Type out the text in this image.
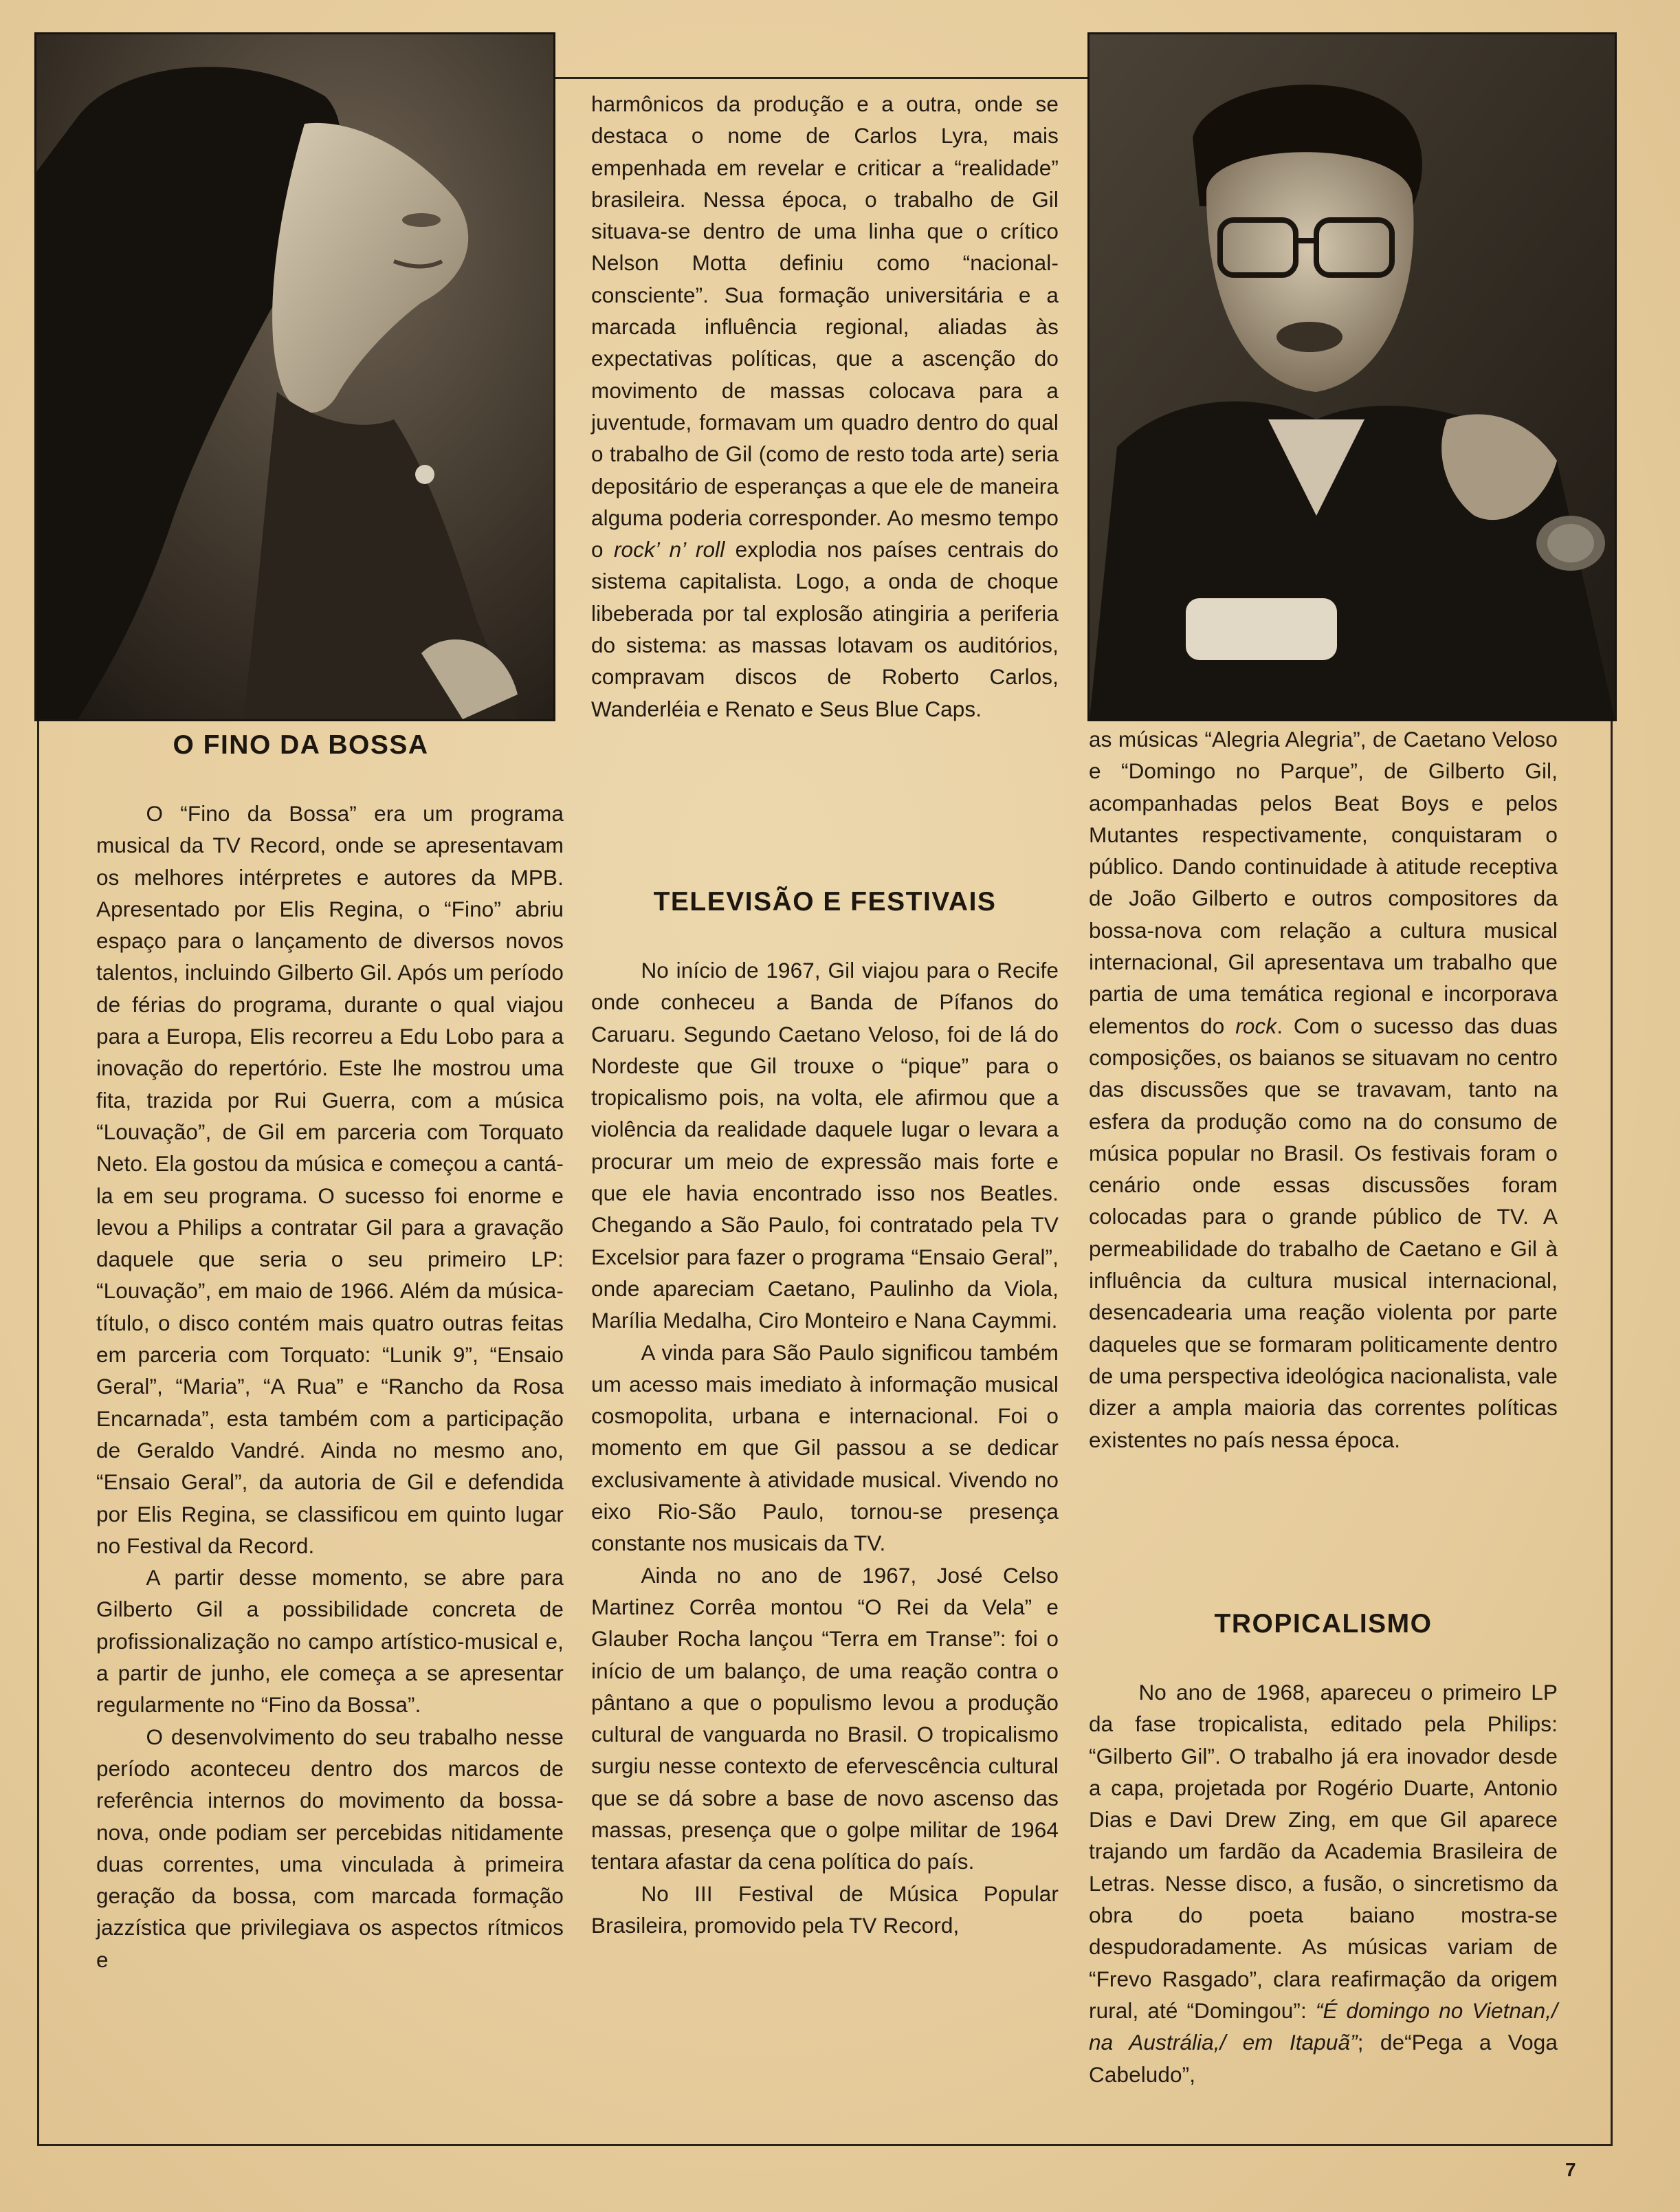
O FINO DA BOSSA

O “Fino da Bossa” era um programa musical da TV Record, onde se apresentavam os melhores intérpretes e autores da MPB. Apresentado por Elis Regina, o “Fino” abriu espaço para o lançamento de diversos novos talentos, incluindo Gilberto Gil. Após um período de férias do programa, durante o qual viajou para a Europa, Elis recorreu a Edu Lobo para a inovação do repertório. Este lhe mostrou uma fita, trazida por Rui Guerra, com a música “Louvação”, de Gil em parceria com Torquato Neto. Ela gostou da música e começou a cantá-la em seu programa. O sucesso foi enorme e levou a Philips a contratar Gil para a gravação daquele que seria o seu primeiro LP: “Louvação”, em maio de 1966. Além da música-título, o disco contém mais quatro outras feitas em parceria com Torquato: “Lunik 9”, “Ensaio Geral”, “Maria”, “A Rua” e “Rancho da Rosa Encarnada”, esta também com a participação de Geraldo Vandré. Ainda no mesmo ano, “Ensaio Geral”, da autoria de Gil e defendida por Elis Regina, se classificou em quinto lugar no Festival da Record.

A partir desse momento, se abre para Gilberto Gil a possibilidade concreta de profissionalização no campo artístico-musical e, a partir de junho, ele começa a se apresentar regularmente no “Fino da Bossa”.

O desenvolvimento do seu trabalho nesse período aconteceu dentro dos marcos de referência internos do movimento da bossa-nova, onde podiam ser percebidas nitidamente duas correntes, uma vinculada à primeira geração da bossa, com marcada formação jazzística que privilegiava os aspectos rítmicos e

harmônicos da produção e a outra, onde se destaca o nome de Carlos Lyra, mais empenhada em revelar e criticar a “realidade” brasileira. Nessa época, o trabalho de Gil situava-se dentro de uma linha que o crítico Nelson Motta definiu como “nacional-consciente”. Sua formação universitária e a marcada influência regional, aliadas às expectativas políticas, que a ascenção do movimento de massas colocava para a juventude, formavam um quadro dentro do qual o trabalho de Gil (como de resto toda arte) seria depositário de esperanças a que ele de maneira alguma poderia corresponder. Ao mesmo tempo o rock’ n’ roll explodia nos países centrais do sistema capitalista. Logo, a onda de choque libeberada por tal explosão atingiria a periferia do sistema: as massas lotavam os auditórios, compravam discos de Roberto Carlos, Wanderléia e Renato e Seus Blue Caps.

TELEVISÃO E FESTIVAIS

No início de 1967, Gil viajou para o Recife onde conheceu a Banda de Pífanos do Caruaru. Segundo Caetano Veloso, foi de lá do Nordeste que Gil trouxe o “pique” para o tropicalismo pois, na volta, ele afirmou que a violência da realidade daquele lugar o levara a procurar um meio de expressão mais forte e que ele havia encontrado isso nos Beatles. Chegando a São Paulo, foi contratado pela TV Excelsior para fazer o programa “Ensaio Geral”, onde apareciam Caetano, Paulinho da Viola, Marília Medalha, Ciro Monteiro e Nana Caymmi.

A vinda para São Paulo significou também um acesso mais imediato à informação musical cosmopolita, urbana e internacional. Foi o momento em que Gil passou a se dedicar exclusivamente à atividade musical. Vivendo no eixo Rio-São Paulo, tornou-se presença constante nos musicais da TV.

Ainda no ano de 1967, José Celso Martinez Corrêa montou “O Rei da Vela” e Glauber Rocha lançou “Terra em Transe”: foi o início de um balanço, de uma reação contra o pântano a que o populismo levou a produção cultural de vanguarda no Brasil. O tropicalismo surgiu nesse contexto de efervescência cultural que se dá sobre a base de novo ascenso das massas, presença que o golpe militar de 1964 tentara afastar da cena política do país.

No III Festival de Música Popular Brasileira, promovido pela TV Record,

as músicas “Alegria Alegria”, de Caetano Veloso e “Domingo no Parque”, de Gilberto Gil, acompanhadas pelos Beat Boys e pelos Mutantes respectivamente, conquistaram o público. Dando continuidade à atitude receptiva de João Gilberto e outros compositores da bossa-nova com relação a cultura musical internacional, Gil apresentava um trabalho que partia de uma temática regional e incorporava elementos do rock. Com o sucesso das duas composições, os baianos se situavam no centro das discussões que se travavam, tanto na esfera da produção como na do consumo de música popular no Brasil. Os festivais foram o cenário onde essas discussões foram colocadas para o grande público de TV. A permeabilidade do trabalho de Caetano e Gil à influência da cultura musical internacional, desencadearia uma reação violenta por parte daqueles que se formaram politicamente dentro de uma perspectiva ideológica nacionalista, vale dizer a ampla maioria das correntes políticas existentes no país nessa época.

TROPICALISMO

No ano de 1968, apareceu o primeiro LP da fase tropicalista, editado pela Philips: “Gilberto Gil”. O trabalho já era inovador desde a capa, projetada por Rogério Duarte, Antonio Dias e Davi Drew Zing, em que Gil aparece trajando um fardão da Academia Brasileira de Letras. Nesse disco, a fusão, o sincretismo da obra do poeta baiano mostra-se despudoradamente. As músicas variam de “Frevo Rasgado”, clara reafirmação da origem rural, até “Domingou”: “É domingo no Vietnan,/ na Austrália,/ em Itapuã”; de“Pega a Voga Cabeludo”,

7
